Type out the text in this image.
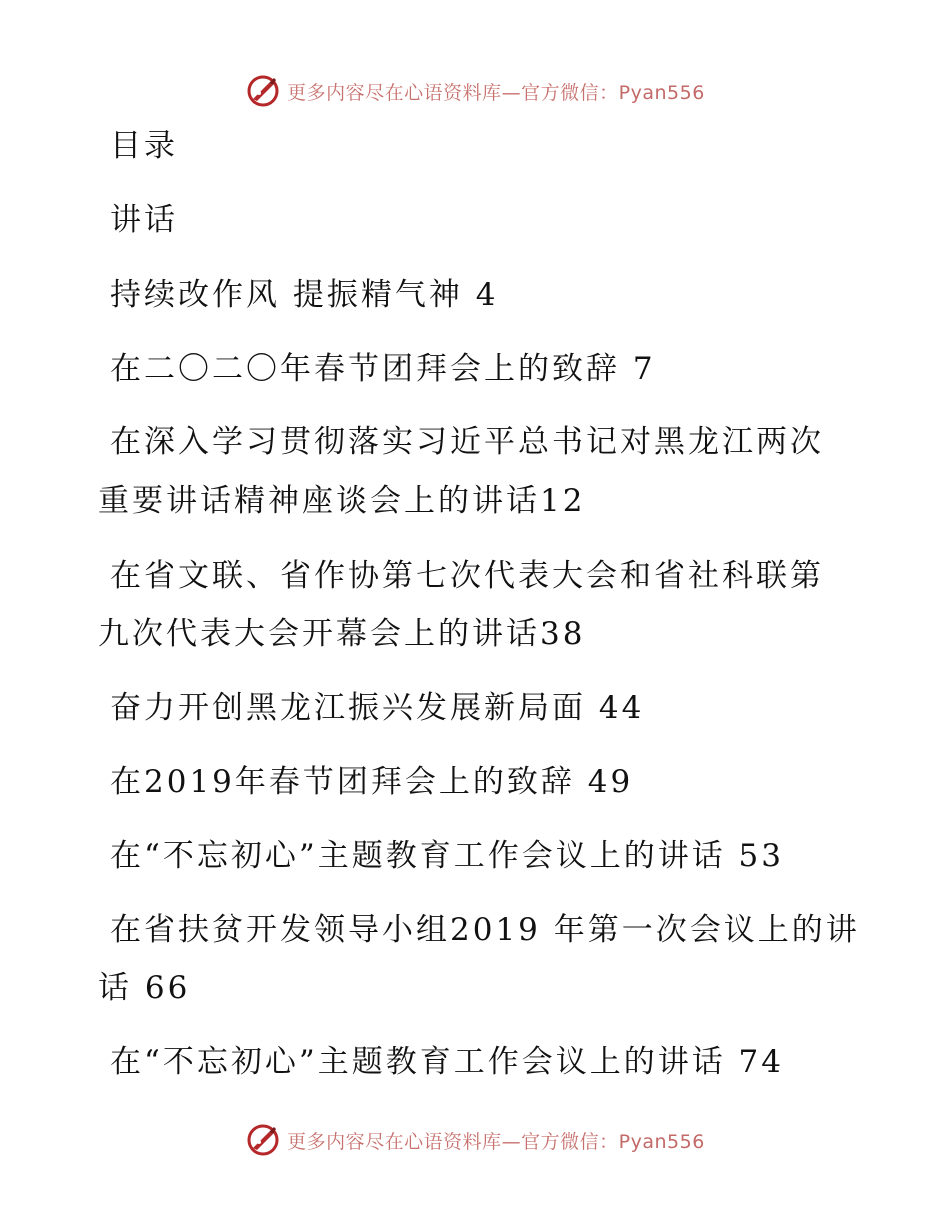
更多内容尽在心语资料库—官方微信：Pyan556
目录
讲话
持续改作风 提振精气神 4
在二〇二〇年春节团拜会上的致辞 7
在深入学习贯彻落实习近平总书记对黑龙江两次
重要讲话精神座谈会上的讲话12
在省文联、省作协第七次代表大会和省社科联第
九次代表大会开幕会上的讲话38
奋力开创黑龙江振兴发展新局面 44
在2019年春节团拜会上的致辞 49
在“不忘初心”主题教育工作会议上的讲话 53
在省扶贫开发领导小组2019 年第一次会议上的讲
话 66
在“不忘初心”主题教育工作会议上的讲话 74
更多内容尽在心语资料库—官方微信：Pyan556
